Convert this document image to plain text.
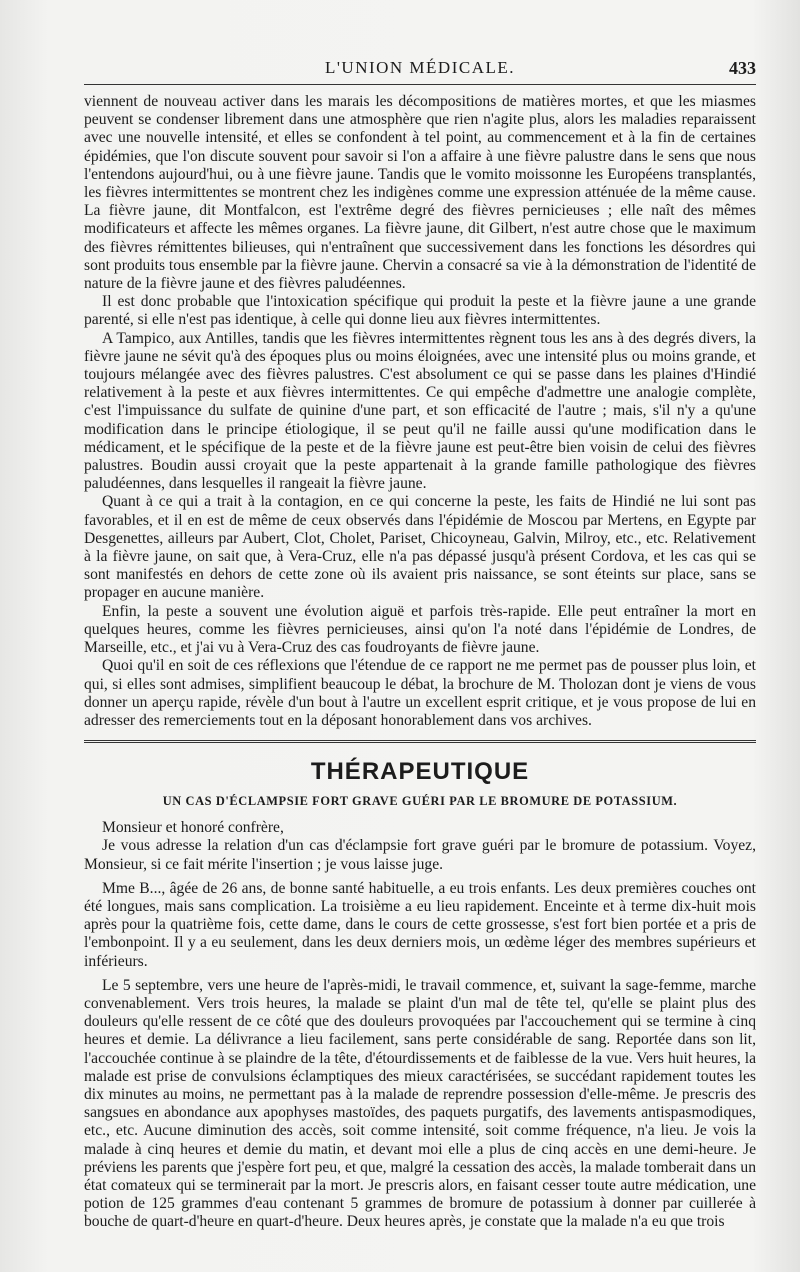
L'UNION MÉDICALE.	433

viennent de nouveau activer dans les marais les décompositions de matières mortes, et que les miasmes peuvent se condenser librement dans une atmosphère que rien n'agite plus, alors les maladies reparaissent avec une nouvelle intensité, et elles se confondent à tel point, au commencement et à la fin de certaines épidémies, que l'on discute souvent pour savoir si l'on a affaire à une fièvre palustre dans le sens que nous l'entendons aujourd'hui, ou à une fièvre jaune. Tandis que le vomito moissonne les Européens transplantés, les fièvres intermittentes se montrent chez les indigènes comme une expression atténuée de la même cause. La fièvre jaune, dit Montfalcon, est l'extrême degré des fièvres pernicieuses ; elle naît des mêmes modificateurs et affecte les mêmes organes. La fièvre jaune, dit Gilbert, n'est autre chose que le maximum des fièvres rémittentes bilieuses, qui n'entraînent que successivement dans les fonctions les désordres qui sont produits tous ensemble par la fièvre jaune. Chervin a consacré sa vie à la démonstration de l'identité de nature de la fièvre jaune et des fièvres paludéennes.

Il est donc probable que l'intoxication spécifique qui produit la peste et la fièvre jaune a une grande parenté, si elle n'est pas identique, à celle qui donne lieu aux fièvres intermittentes.

A Tampico, aux Antilles, tandis que les fièvres intermittentes règnent tous les ans à des degrés divers, la fièvre jaune ne sévit qu'à des époques plus ou moins éloignées, avec une intensité plus ou moins grande, et toujours mélangée avec des fièvres palustres. C'est absolument ce qui se passe dans les plaines d'Hindié relativement à la peste et aux fièvres intermittentes. Ce qui empêche d'admettre une analogie complète, c'est l'impuissance du sulfate de quinine d'une part, et son efficacité de l'autre ; mais, s'il n'y a qu'une modification dans le principe étiologique, il se peut qu'il ne faille aussi qu'une modification dans le médicament, et le spécifique de la peste et de la fièvre jaune est peut-être bien voisin de celui des fièvres palustres. Boudin aussi croyait que la peste appartenait à la grande famille pathologique des fièvres paludéennes, dans lesquelles il rangeait la fièvre jaune.

Quant à ce qui a trait à la contagion, en ce qui concerne la peste, les faits de Hindié ne lui sont pas favorables, et il en est de même de ceux observés dans l'épidémie de Moscou par Mertens, en Egypte par Desgenettes, ailleurs par Aubert, Clot, Cholet, Pariset, Chicoyneau, Galvin, Milroy, etc., etc. Relativement à la fièvre jaune, on sait que, à Vera-Cruz, elle n'a pas dépassé jusqu'à présent Cordova, et les cas qui se sont manifestés en dehors de cette zone où ils avaient pris naissance, se sont éteints sur place, sans se propager en aucune manière.

Enfin, la peste a souvent une évolution aiguë et parfois très-rapide. Elle peut entraîner la mort en quelques heures, comme les fièvres pernicieuses, ainsi qu'on l'a noté dans l'épidémie de Londres, de Marseille, etc., et j'ai vu à Vera-Cruz des cas foudroyants de fièvre jaune.

Quoi qu'il en soit de ces réflexions que l'étendue de ce rapport ne me permet pas de pousser plus loin, et qui, si elles sont admises, simplifient beaucoup le débat, la brochure de M. Tholozan dont je viens de vous donner un aperçu rapide, révèle d'un bout à l'autre un excellent esprit critique, et je vous propose de lui en adresser des remerciements tout en la déposant honorablement dans vos archives.

THÉRAPEUTIQUE
UN CAS D'ÉCLAMPSIE FORT GRAVE GUÉRI PAR LE BROMURE DE POTASSIUM.

Monsieur et honoré confrère,

Je vous adresse la relation d'un cas d'éclampsie fort grave guéri par le bromure de potassium. Voyez, Monsieur, si ce fait mérite l'insertion ; je vous laisse juge.

Mme B..., âgée de 26 ans, de bonne santé habituelle, a eu trois enfants. Les deux premières couches ont été longues, mais sans complication. La troisième a eu lieu rapidement. Enceinte et à terme dix-huit mois après pour la quatrième fois, cette dame, dans le cours de cette grossesse, s'est fort bien portée et a pris de l'embonpoint. Il y a eu seulement, dans les deux derniers mois, un œdème léger des membres supérieurs et inférieurs.

Le 5 septembre, vers une heure de l'après-midi, le travail commence, et, suivant la sage-femme, marche convenablement. Vers trois heures, la malade se plaint d'un mal de tête tel, qu'elle se plaint plus des douleurs qu'elle ressent de ce côté que des douleurs provoquées par l'accouchement qui se termine à cinq heures et demie. La délivrance a lieu facilement, sans perte considérable de sang. Reportée dans son lit, l'accouchée continue à se plaindre de la tête, d'étourdissements et de faiblesse de la vue. Vers huit heures, la malade est prise de convulsions éclamptiques des mieux caractérisées, se succédant rapidement toutes les dix minutes au moins, ne permettant pas à la malade de reprendre possession d'elle-même. Je prescris des sangsues en abondance aux apophyses mastoïdes, des paquets purgatifs, des lavements antispasmodiques, etc., etc. Aucune diminution des accès, soit comme intensité, soit comme fréquence, n'a lieu. Je vois la malade à cinq heures et demie du matin, et devant moi elle a plus de cinq accès en une demi-heure. Je préviens les parents que j'espère fort peu, et que, malgré la cessation des accès, la malade tomberait dans un état comateux qui se terminerait par la mort. Je prescris alors, en faisant cesser toute autre médication, une potion de 125 grammes d'eau contenant 5 grammes de bromure de potassium à donner par cuillerée à bouche de quart-d'heure en quart-d'heure. Deux heures après, je constate que la malade n'a eu que trois
